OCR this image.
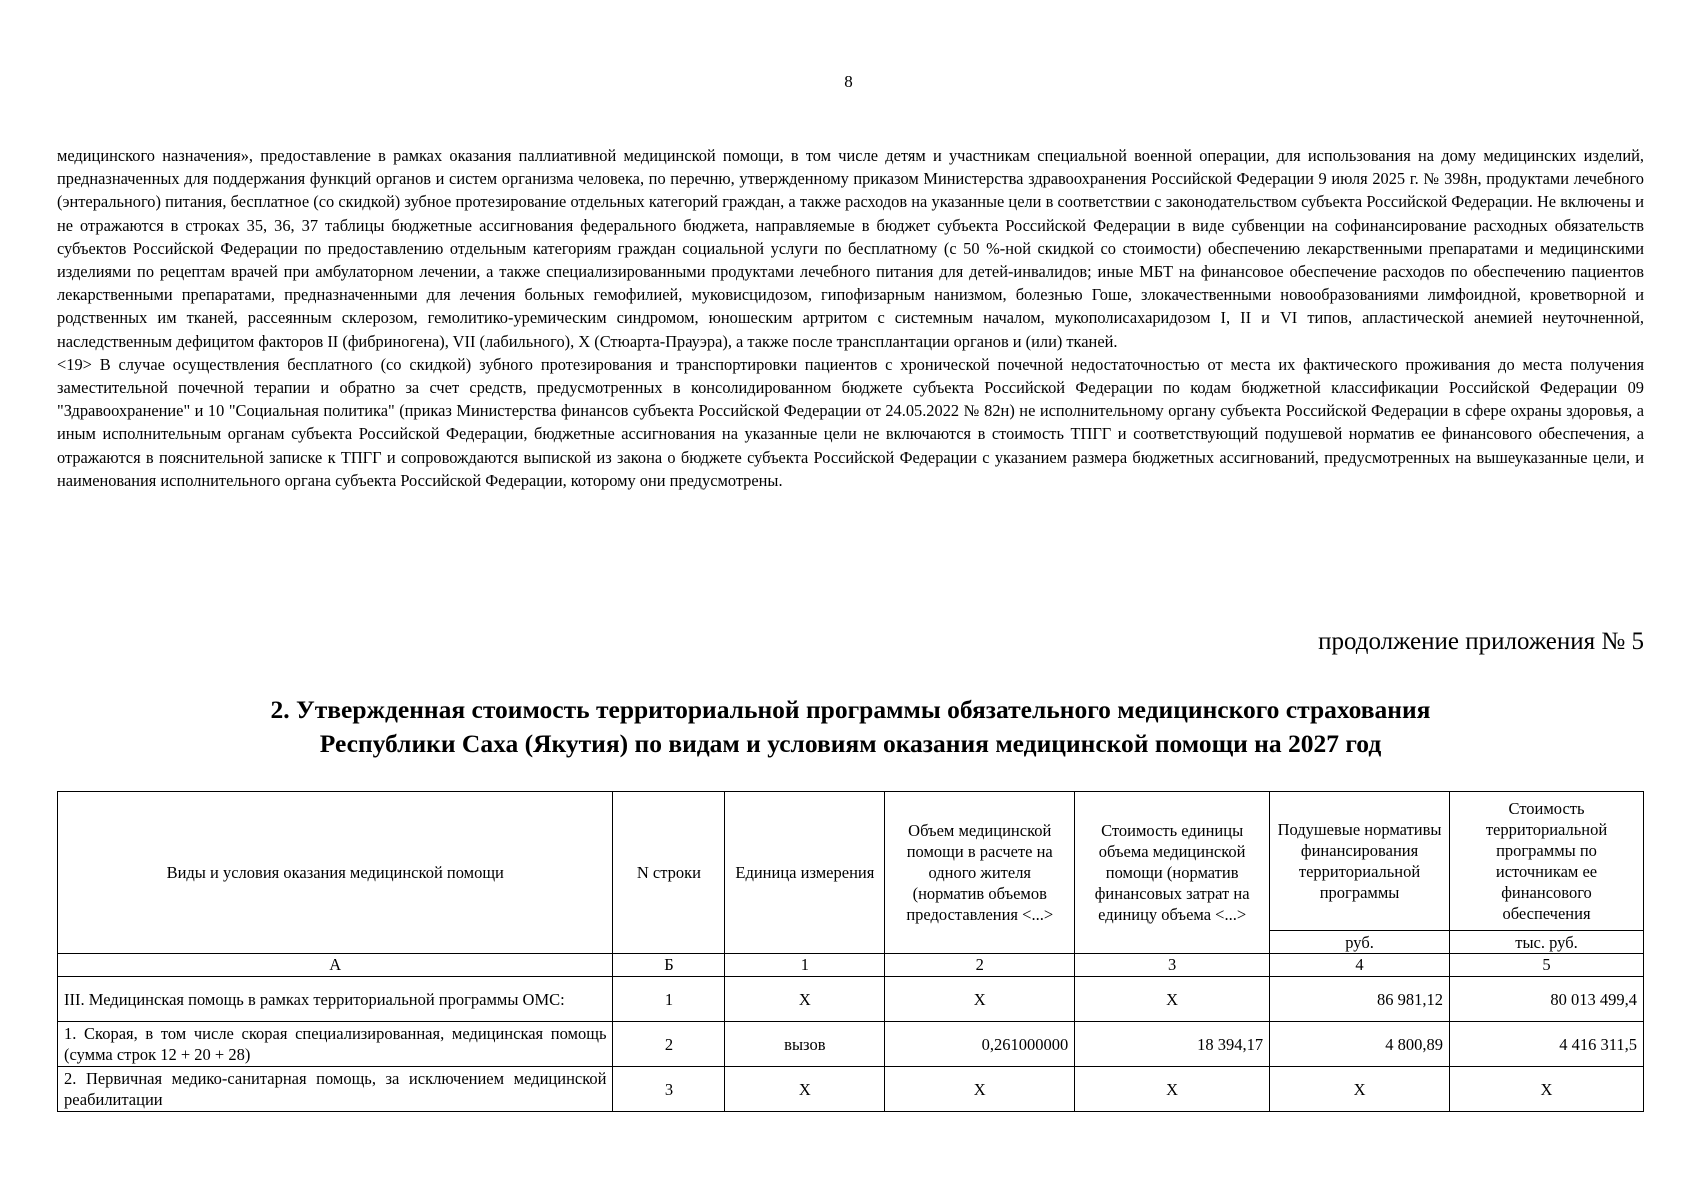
8

медицинского назначения», предоставление в рамках оказания паллиативной медицинской помощи, в том числе детям и участникам специальной военной операции, для использования на дому медицинских изделий, предназначенных для поддержания функций органов и систем организма человека, по перечню, утвержденному приказом Министерства здравоохранения Российской Федерации 9 июля 2025 г. № 398н, продуктами лечебного (энтерального) питания, бесплатное (со скидкой) зубное протезирование отдельных категорий граждан, а также расходов на указанные цели в соответствии с законодательством субъекта Российской Федерации. Не включены и не отражаются в строках 35, 36, 37 таблицы бюджетные ассигнования федерального бюджета, направляемые в бюджет субъекта Российской Федерации в виде субвенции на софинансирование расходных обязательств субъектов Российской Федерации по предоставлению отдельным категориям граждан социальной услуги по бесплатному (с 50 %-ной скидкой со стоимости) обеспечению лекарственными препаратами и медицинскими изделиями по рецептам врачей при амбулаторном лечении, а также специализированными продуктами лечебного питания для детей-инвалидов; иные МБТ на финансовое обеспечение расходов по обеспечению пациентов лекарственными препаратами, предназначенными для лечения больных гемофилией, муковисцидозом, гипофизарным нанизмом, болезнью Гоше, злокачественными новообразованиями лимфоидной, кроветворной и родственных им тканей, рассеянным склерозом, гемолитико-уремическим синдромом, юношеским артритом с системным началом, мукополисахаридозом I, II и VI типов, апластической анемией неуточненной, наследственным дефицитом факторов II (фибриногена), VII (лабильного), X (Стюарта-Прауэра), а также после трансплантации органов и (или) тканей.

<19> В случае осуществления бесплатного (со скидкой) зубного протезирования и транспортировки пациентов с хронической почечной недостаточностью от места их фактического проживания до места получения заместительной почечной терапии и обратно за счет средств, предусмотренных в консолидированном бюджете субъекта Российской Федерации по кодам бюджетной классификации Российской Федерации 09 "Здравоохранение" и 10 "Социальная политика" (приказ Министерства финансов субъекта Российской Федерации от 24.05.2022 № 82н) не исполнительному органу субъекта Российской Федерации в сфере охраны здоровья, а иным исполнительным органам субъекта Российской Федерации, бюджетные ассигнования на указанные цели не включаются в стоимость ТПГГ и соответствующий подушевой норматив ее финансового обеспечения, а отражаются в пояснительной записке к ТПГГ и сопровождаются выпиской из закона о бюджете субъекта Российской Федерации с указанием размера бюджетных ассигнований, предусмотренных на вышеуказанные цели, и наименования исполнительного органа субъекта Российской Федерации, которому они предусмотрены.

продолжение приложения № 5
2. Утвержденная стоимость территориальной программы обязательного медицинского страхования
Республики Саха (Якутия) по видам и условиям оказания медицинской помощи на 2027 год
Виды и условия оказания медицинской помощи	N строки	Единица измерения	Объем медицинской помощи в расчете на одного жителя (норматив объемов предоставления <...>	Стоимость единицы объема медицинской помощи (норматив финансовых затрат на единицу объема <...>	Подушевые нормативы финансирования территориальной программы	Стоимость территориальной программы по источникам ее финансового обеспечения
					руб.	тыс. руб.
А	Б	1	2	3	4	5
III. Медицинская помощь в рамках территориальной программы ОМС:	1	X	X	X	86 981,12	80 013 499,4
1. Скорая, в том числе скорая специализированная, медицинская помощь (сумма строк 12 + 20 + 28)	2	вызов	0,261000000	18 394,17	4 800,89	4 416 311,5
2. Первичная медико-санитарная помощь, за исключением медицинской реабилитации	3	X	X	X	X	X
